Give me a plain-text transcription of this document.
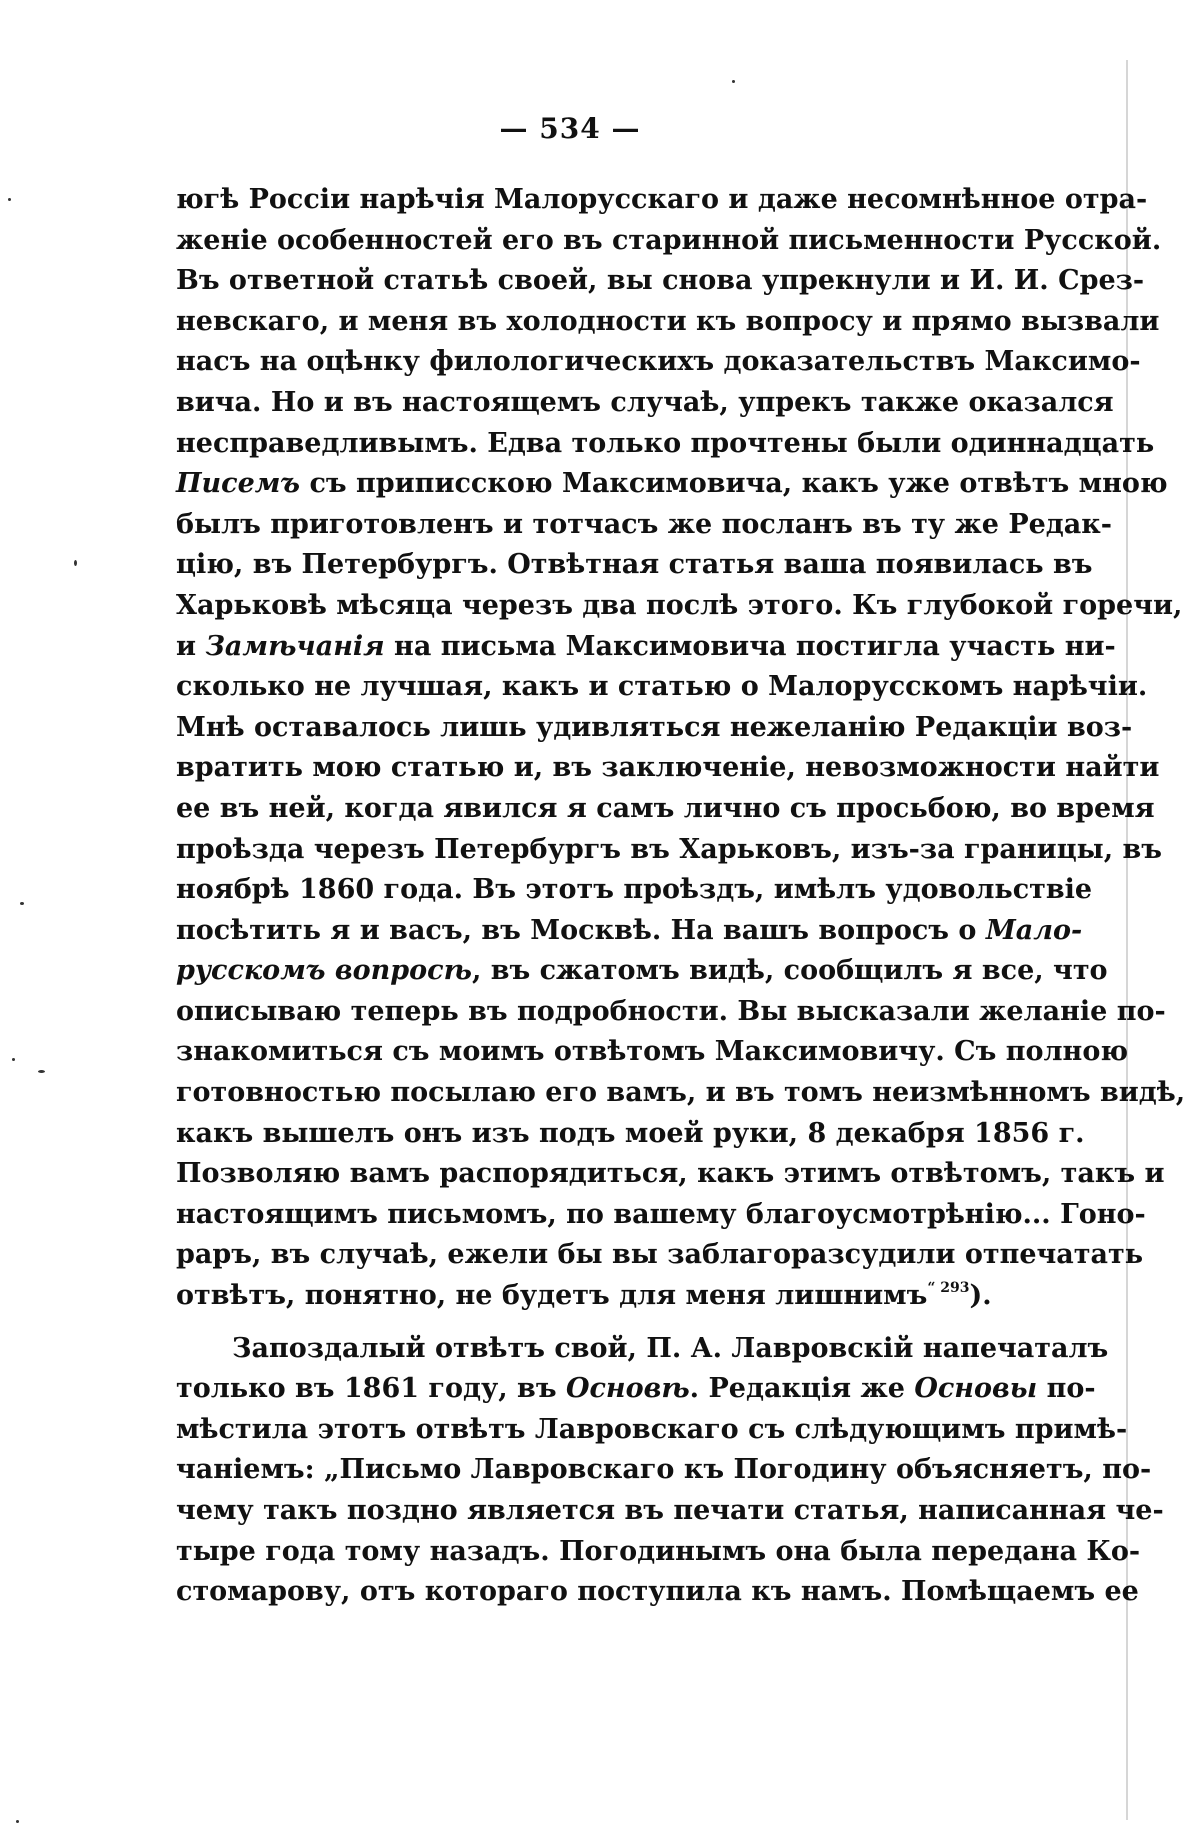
— 534 —
югѣ Россіи нарѣчія Малорусскаго и даже несомнѣнное отра-
женіе особенностей его въ старинной письменности Русской.
Въ ответной статьѣ своей, вы снова упрекнули и И. И. Срез-
невскаго, и меня въ холодности къ вопросу и прямо вызвали
насъ на оцѣнку филологическихъ доказательствъ Максимо-
вича. Но и въ настоящемъ случаѣ, упрекъ также оказался
несправедливымъ. Едва только прочтены были одиннадцать
Писемъ съ приписскою Максимовича, какъ уже отвѣтъ мною
былъ приготовленъ и тотчасъ же посланъ въ ту же Редак-
цію, въ Петербургъ. Отвѣтная статья ваша появилась въ
Харьковѣ мѣсяца черезъ два послѣ этого. Къ глубокой горечи,
и Замѣчанія на письма Максимовича постигла участь ни-
сколько не лучшая, какъ и статью о Малорусскомъ нарѣчіи.
Мнѣ оставалось лишь удивляться нежеланію Редакціи воз-
вратить мою статью и, въ заключеніе, невозможности найти
ее въ ней, когда явился я самъ лично съ просьбою, во время
проѣзда черезъ Петербургъ въ Харьковъ, изъ-за границы, въ
ноябрѣ 1860 года. Въ этотъ проѣздъ, имѣлъ удовольствіе
посѣтить я и васъ, въ Москвѣ. На вашъ вопросъ о Мало-
русскомъ вопросѣ, въ сжатомъ видѣ, сообщилъ я все, что
описываю теперь въ подробности. Вы высказали желаніе по-
знакомиться съ моимъ отвѣтомъ Максимовичу. Съ полною
готовностью посылаю его вамъ, и въ томъ неизмѣнномъ видѣ,
какъ вышелъ онъ изъ подъ моей руки, 8 декабря 1856 г.
Позволяю вамъ распорядиться, какъ этимъ отвѣтомъ, такъ и
настоящимъ письмомъ, по вашему благоусмотрѣнію... Гоно-
раръ, въ случаѣ, ежели бы вы заблагоразсудили отпечатать
отвѣтъ, понятно, не будетъ для меня лишнимъ$^{“ 293}$).
Запоздалый отвѣтъ свой, П. А. Лавровскій напечаталъ
только въ 1861 году, въ Основѣ. Редакція же Основы по-
мѣстила этотъ отвѣтъ Лавровскаго съ слѣдующимъ примѣ-
чаніемъ: „Письмо Лавровскаго къ Погодину объясняетъ, по-
чему такъ поздно является въ печати статья, написанная че-
тыре года тому назадъ. Погодинымъ она была передана Ко-
стомарову, отъ котораго поступила къ намъ. Помѣщаемъ ее
